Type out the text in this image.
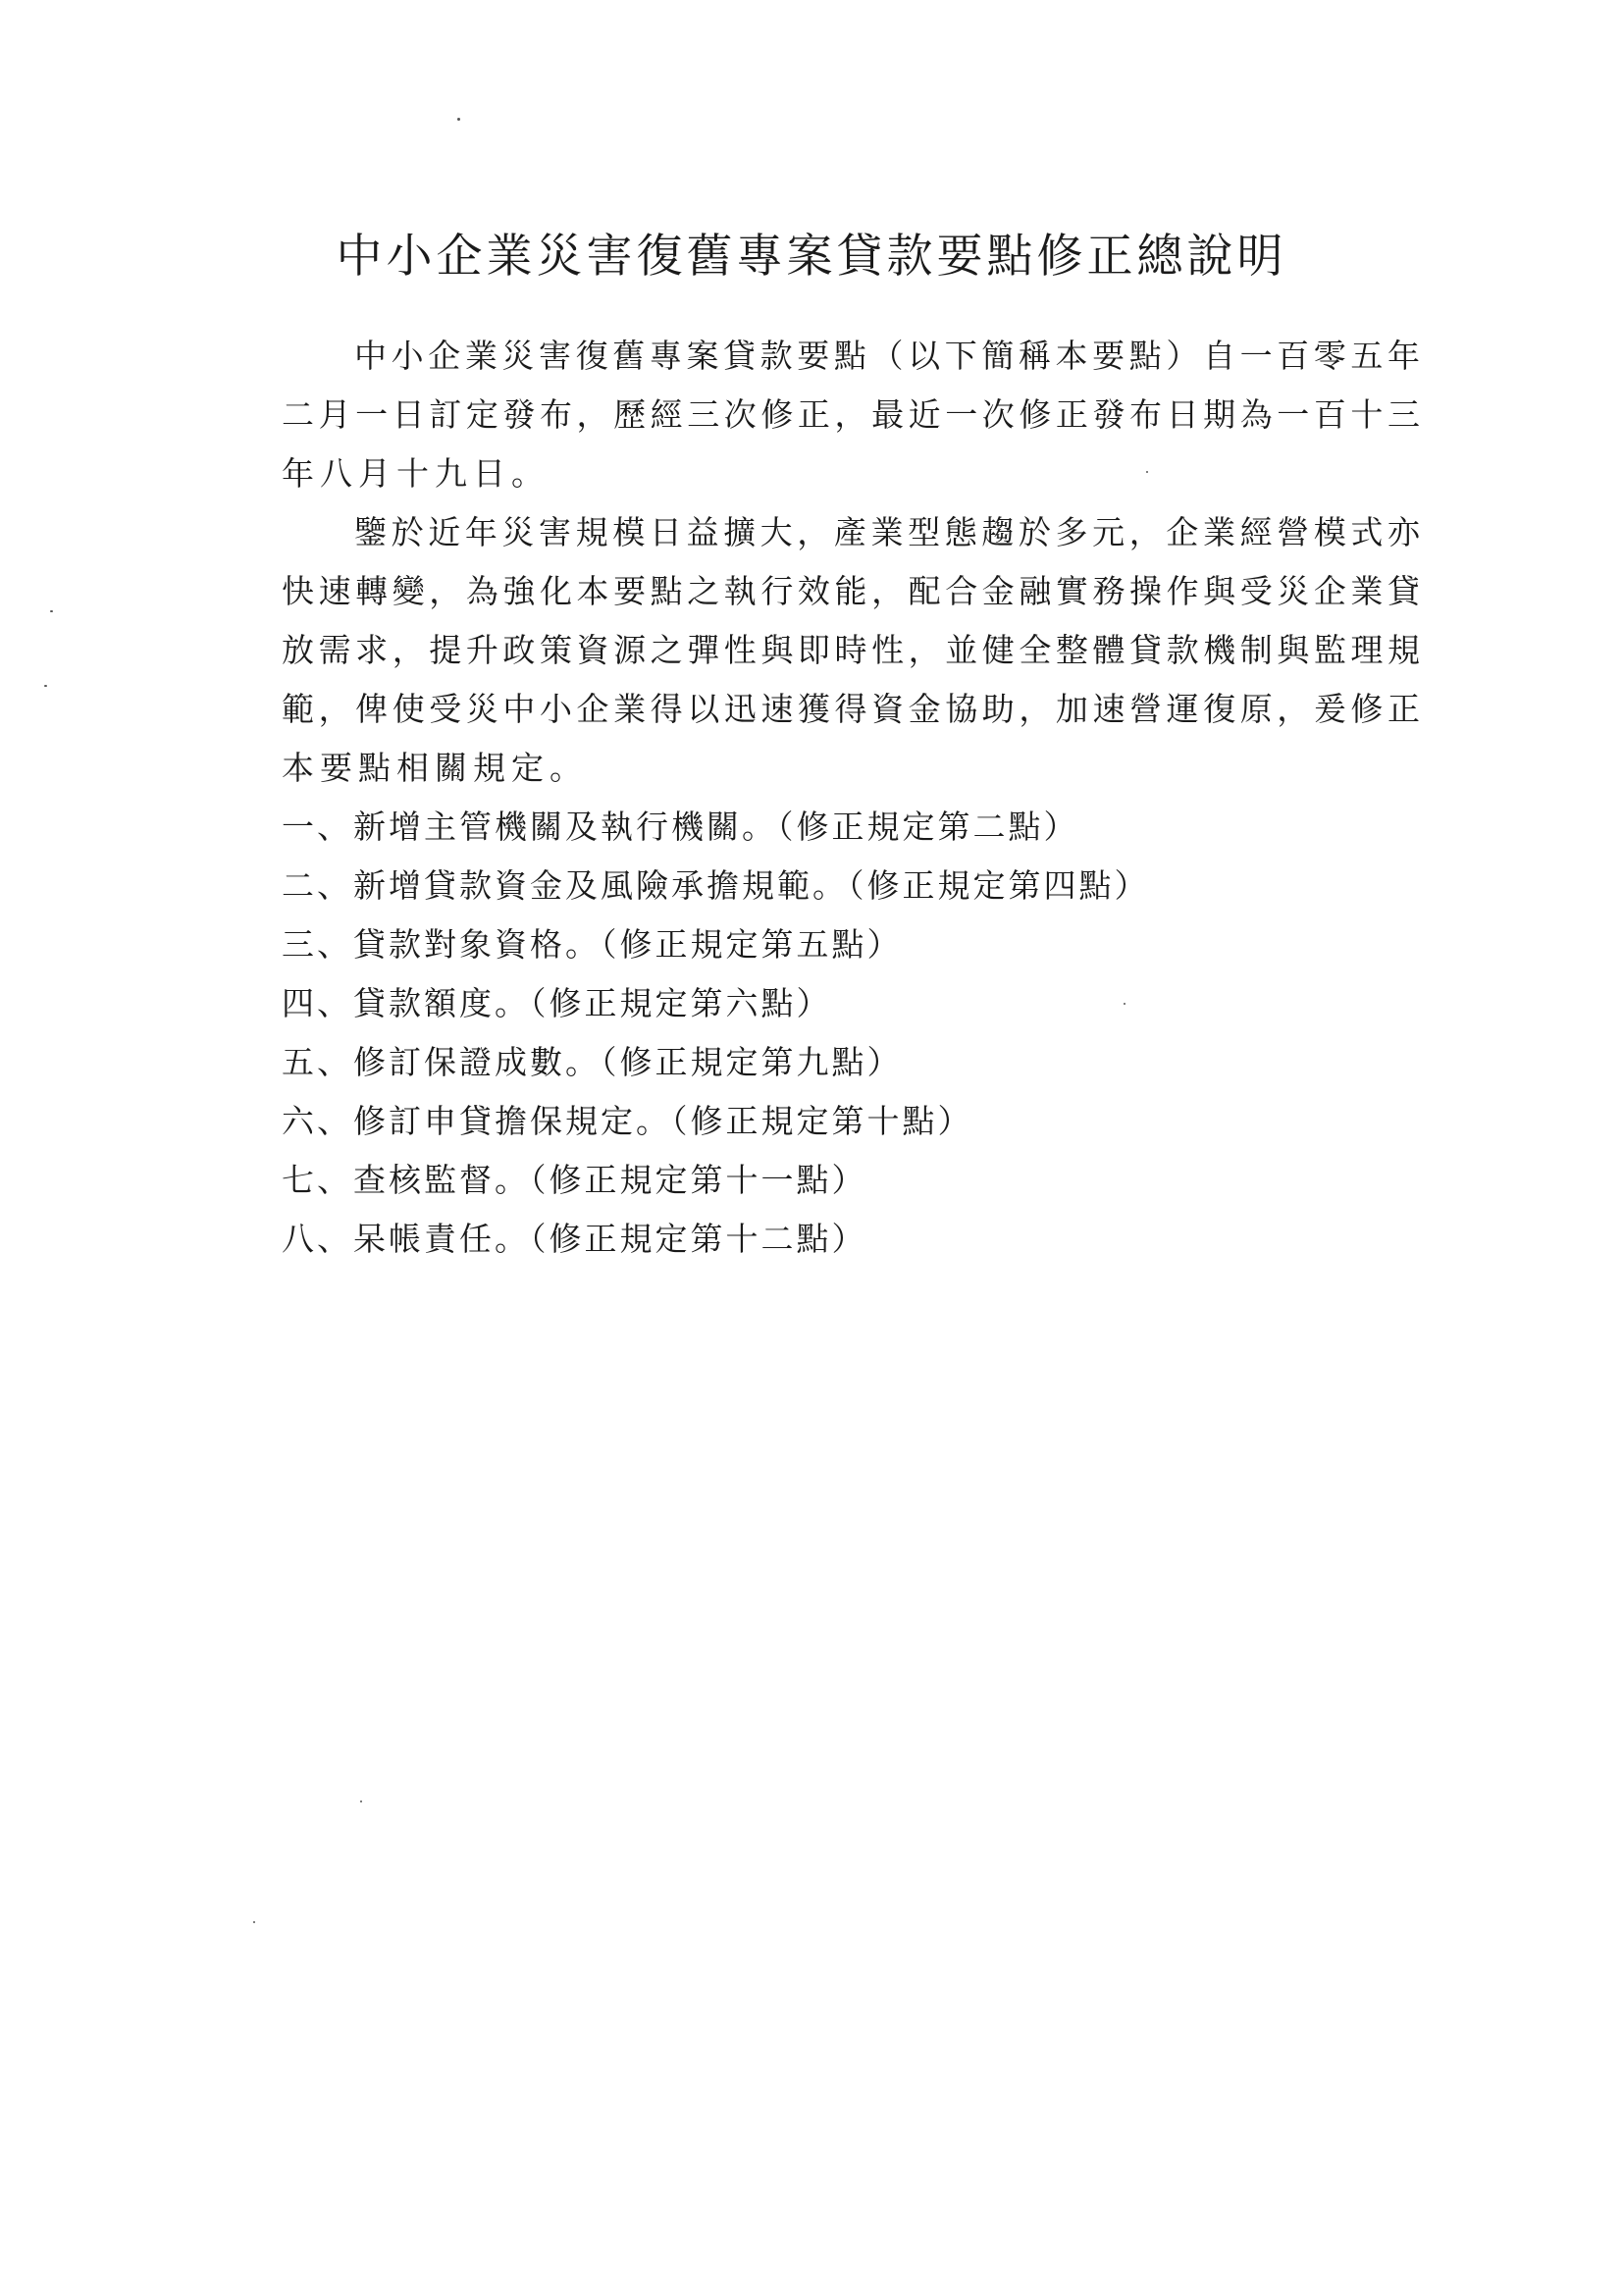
中小企業災害復舊專案貸款要點修正總說明
中小企業災害復舊專案貸款要點（以下簡稱本要點）自一百零五年
二月一日訂定發布，歷經三次修正，最近一次修正發布日期為一百十三
年八月十九日。
鑒於近年災害規模日益擴大，產業型態趨於多元，企業經營模式亦
快速轉變，為強化本要點之執行效能，配合金融實務操作與受災企業貸
放需求，提升政策資源之彈性與即時性，並健全整體貸款機制與監理規
範，俾使受災中小企業得以迅速獲得資金協助，加速營運復原，爰修正
本要點相關規定。
一、新增主管機關及執行機關。（修正規定第二點）
二、新增貸款資金及風險承擔規範。（修正規定第四點）
三、貸款對象資格。（修正規定第五點）
四、貸款額度。（修正規定第六點）
五、修訂保證成數。（修正規定第九點）
六、修訂申貸擔保規定。（修正規定第十點）
七、查核監督。（修正規定第十一點）
八、呆帳責任。（修正規定第十二點）
